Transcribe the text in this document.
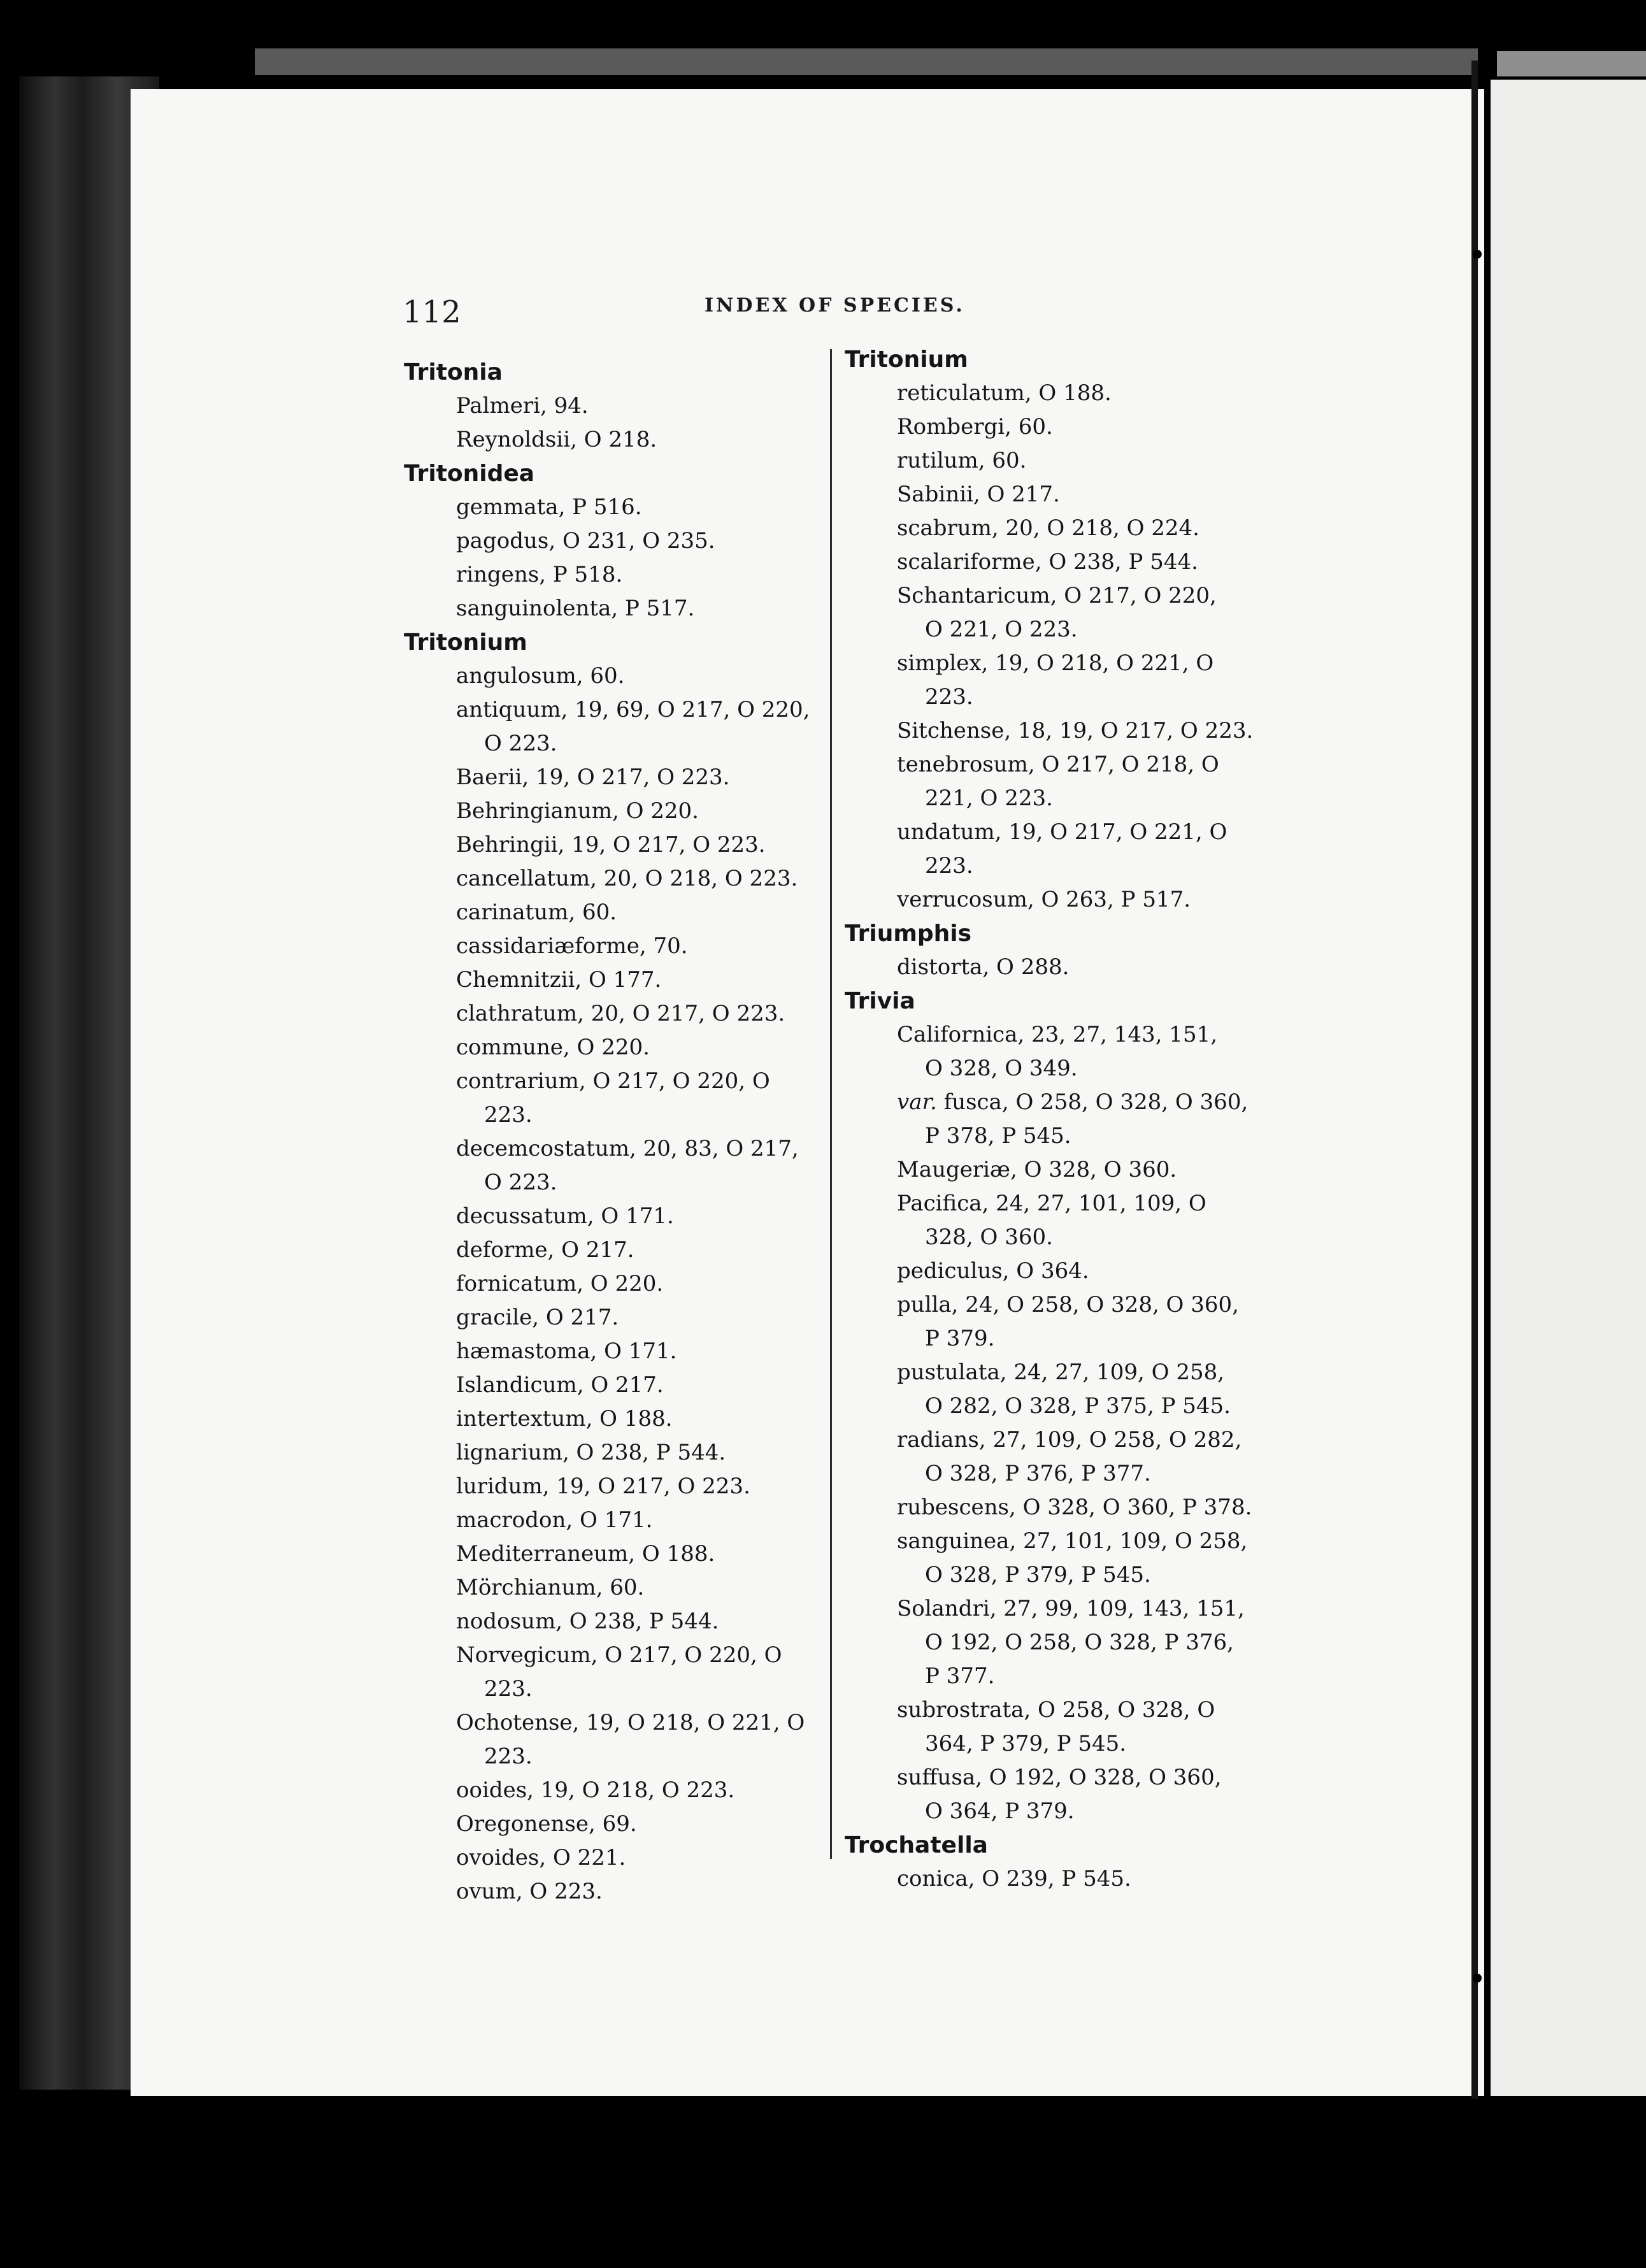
112	INDEX OF SPECIES.
Tritonia
Palmeri, 94.
Reynoldsii, O 218.
Tritonidea
gemmata, P 516.
pagodus, O 231, O 235.
ringens, P 518.
sanguinolenta, P 517.
Tritonium
angulosum, 60.
antiquum, 19, 69, O 217, O 220,
O 223.
Baerii, 19, O 217, O 223.
Behringianum, O 220.
Behringii, 19, O 217, O 223.
cancellatum, 20, O 218, O 223.
carinatum, 60.
cassidariæforme, 70.
Chemnitzii, O 177.
clathratum, 20, O 217, O 223.
commune, O 220.
contrarium, O 217, O 220, O
223.
decemcostatum, 20, 83, O 217,
O 223.
decussatum, O 171.
deforme, O 217.
fornicatum, O 220.
gracile, O 217.
hæmastoma, O 171.
Islandicum, O 217.
intertextum, O 188.
lignarium, O 238, P 544.
luridum, 19, O 217, O 223.
macrodon, O 171.
Mediterraneum, O 188.
Mörchianum, 60.
nodosum, O 238, P 544.
Norvegicum, O 217, O 220, O
223.
Ochotense, 19, O 218, O 221, O
223.
ooides, 19, O 218, O 223.
Oregonense, 69.
ovoides, O 221.
ovum, O 223.
Tritonium
reticulatum, O 188.
Rombergi, 60.
rutilum, 60.
Sabinii, O 217.
scabrum, 20, O 218, O 224.
scalariforme, O 238, P 544.
Schantaricum, O 217, O 220,
O 221, O 223.
simplex, 19, O 218, O 221, O
223.
Sitchense, 18, 19, O 217, O 223.
tenebrosum, O 217, O 218, O
221, O 223.
undatum, 19, O 217, O 221, O
223.
verrucosum, O 263, P 517.
Triumphis
distorta, O 288.
Trivia
Californica, 23, 27, 143, 151,
O 328, O 349.
var. fusca, O 258, O 328, O 360,
P 378, P 545.
Maugeriæ, O 328, O 360.
Pacifica, 24, 27, 101, 109, O
328, O 360.
pediculus, O 364.
pulla, 24, O 258, O 328, O 360,
P 379.
pustulata, 24, 27, 109, O 258,
O 282, O 328, P 375, P 545.
radians, 27, 109, O 258, O 282,
O 328, P 376, P 377.
rubescens, O 328, O 360, P 378.
sanguinea, 27, 101, 109, O 258,
O 328, P 379, P 545.
Solandri, 27, 99, 109, 143, 151,
O 192, O 258, O 328, P 376,
P 377.
subrostrata, O 258, O 328, O
364, P 379, P 545.
suffusa, O 192, O 328, O 360,
O 364, P 379.
Trochatella
conica, O 239, P 545.
